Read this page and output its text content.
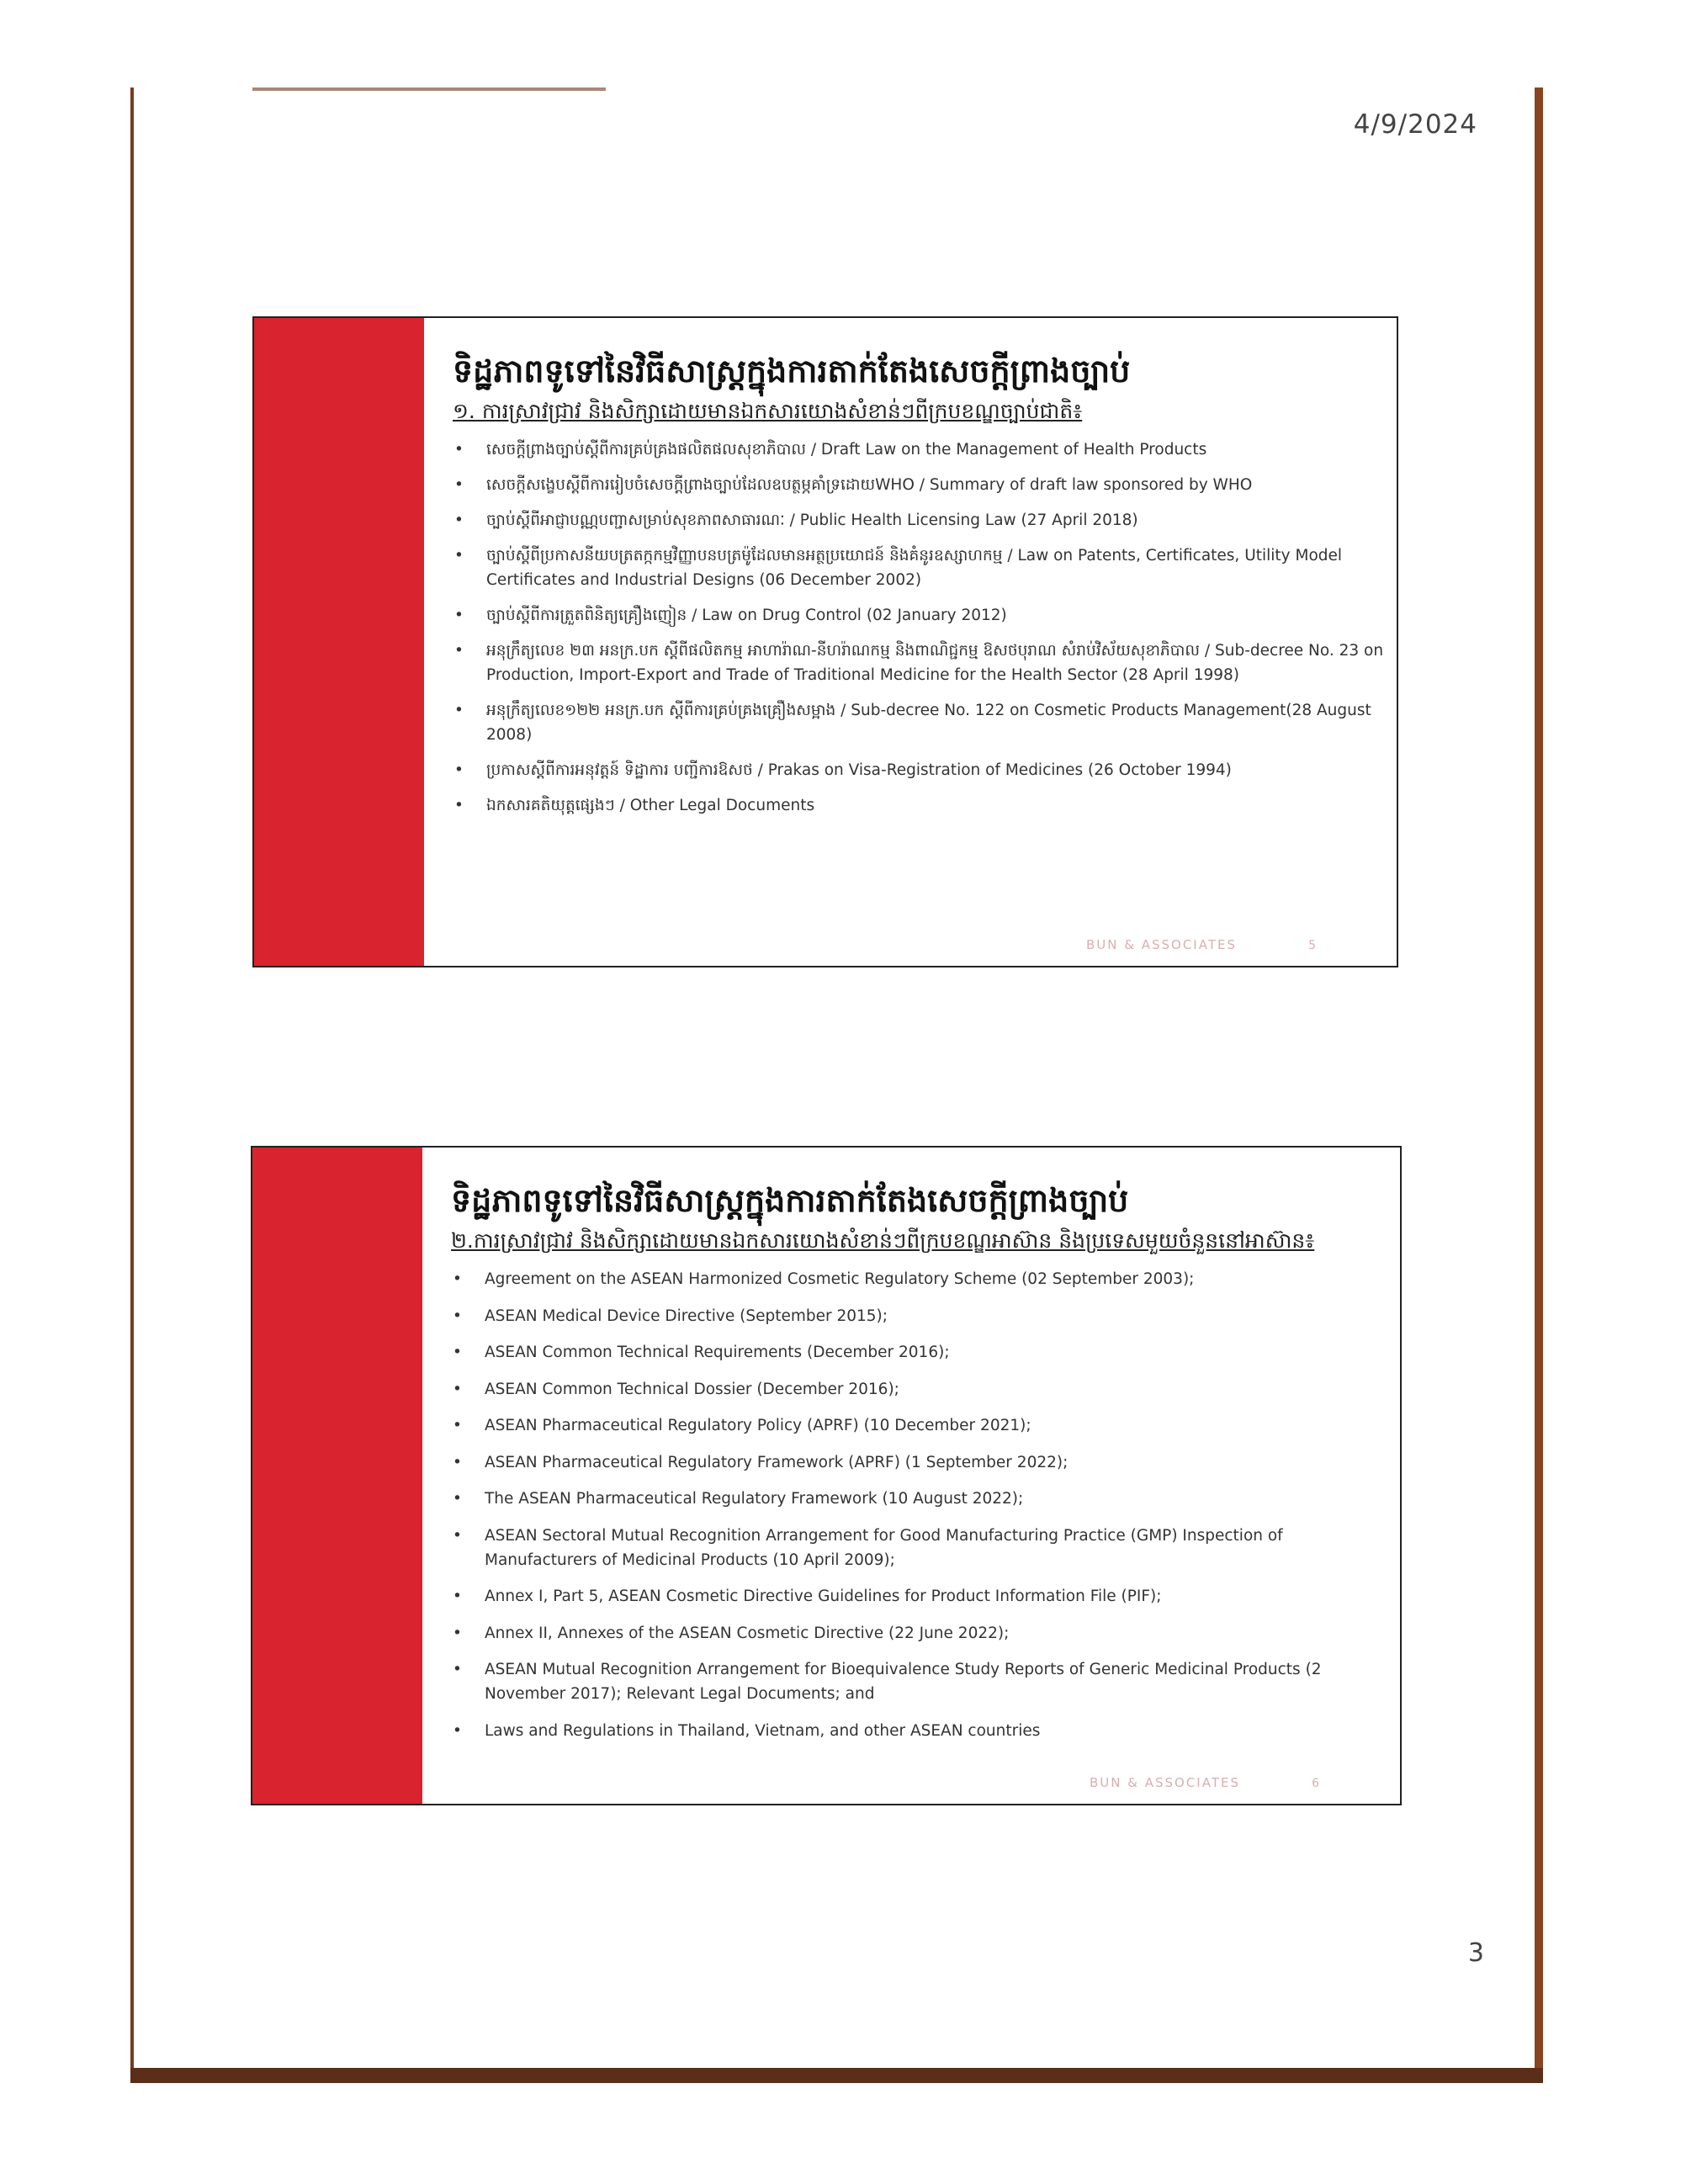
4/9/2024
ទិដ្ឋភាពទូទៅនៃវិធីសាស្ត្រក្នុងការតាក់តែងសេចក្ដីព្រាងច្បាប់
១. ការស្រាវជ្រាវ និងសិក្សាដោយមានឯកសារយោងសំខាន់ៗពីក្របខណ្ឌច្បាប់ជាតិ៖
• សេចក្ដីព្រាងច្បាប់ស្ដីពីការគ្រប់គ្រងផលិតផលសុខាភិបាល / Draft Law on the Management of Health Products
• សេចក្ដីសង្ខេបស្ដីពីការរៀបចំសេចក្ដីព្រាងច្បាប់ដែលឧបត្ថម្ភគាំទ្រដោយWHO / Summary of draft law sponsored by WHO
• ច្បាប់ស្ដីពីអាជ្ញាបណ្ណបញ្ជាសម្រាប់សុខភាពសាធារណៈ / Public Health Licensing Law (27 April 2018)
• ច្បាប់ស្ដីពីប្រកាសនីយបត្រតក្កកម្មវិញ្ញាបនបត្រម៉ូដែលមានអត្ថប្រយោជន៍ និងគំនូរឧស្សាហកម្ម / Law on Patents, Certificates, Utility Model Certificates and Industrial Designs (06 December 2002)
• ច្បាប់ស្ដីពីការត្រួតពិនិត្យគ្រឿងញៀន / Law on Drug Control (02 January 2012)
• អនុក្រឹត្យលេខ ២៣ អនក្រ.បក ស្ដីពីផលិតកម្ម អាហារ៉ាណ-នីហរ៉ាណកម្ម និងពាណិជ្ជកម្ម ឱសថបុរាណ សំរាប់វិស័យសុខាភិបាល / Sub-decree No. 23 on Production, Import-Export and Trade of Traditional Medicine for the Health Sector (28 April 1998)
• អនុក្រឹត្យលេខ១២២ អនក្រ.បក ស្ដីពីការគ្រប់គ្រងគ្រឿងសម្អាង / Sub-decree No. 122 on Cosmetic Products Management(28 August 2008)
• ប្រកាសស្ដីពីការអនុវត្តន៍ ទិដ្ឋាការ បញ្ជីការឱសថ / Prakas on Visa-Registration of Medicines (26 October 1994)
• ឯកសារគតិយុត្តផ្សេងៗ / Other Legal Documents
BUN & ASSOCIATES	5
ទិដ្ឋភាពទូទៅនៃវិធីសាស្ត្រក្នុងការតាក់តែងសេចក្ដីព្រាងច្បាប់
២.ការស្រាវជ្រាវ និងសិក្សាដោយមានឯកសារយោងសំខាន់ៗពីក្របខណ្ឌអាស៊ាន និងប្រទេសមួយចំនួននៅអាស៊ាន៖
• Agreement on the ASEAN Harmonized Cosmetic Regulatory Scheme (02 September 2003);
• ASEAN Medical Device Directive (September 2015);
• ASEAN Common Technical Requirements (December 2016);
• ASEAN Common Technical Dossier (December 2016);
• ASEAN Pharmaceutical Regulatory Policy (APRF) (10 December 2021);
• ASEAN Pharmaceutical Regulatory Framework (APRF) (1 September 2022);
• The ASEAN Pharmaceutical Regulatory Framework (10 August 2022);
• ASEAN Sectoral Mutual Recognition Arrangement for Good Manufacturing Practice (GMP) Inspection of Manufacturers of Medicinal Products (10 April 2009);
• Annex I, Part 5, ASEAN Cosmetic Directive Guidelines for Product Information File (PIF);
• Annex II, Annexes of the ASEAN Cosmetic Directive (22 June 2022);
• ASEAN Mutual Recognition Arrangement for Bioequivalence Study Reports of Generic Medicinal Products (2 November 2017); Relevant Legal Documents; and
• Laws and Regulations in Thailand, Vietnam, and other ASEAN countries
BUN & ASSOCIATES	6
3
